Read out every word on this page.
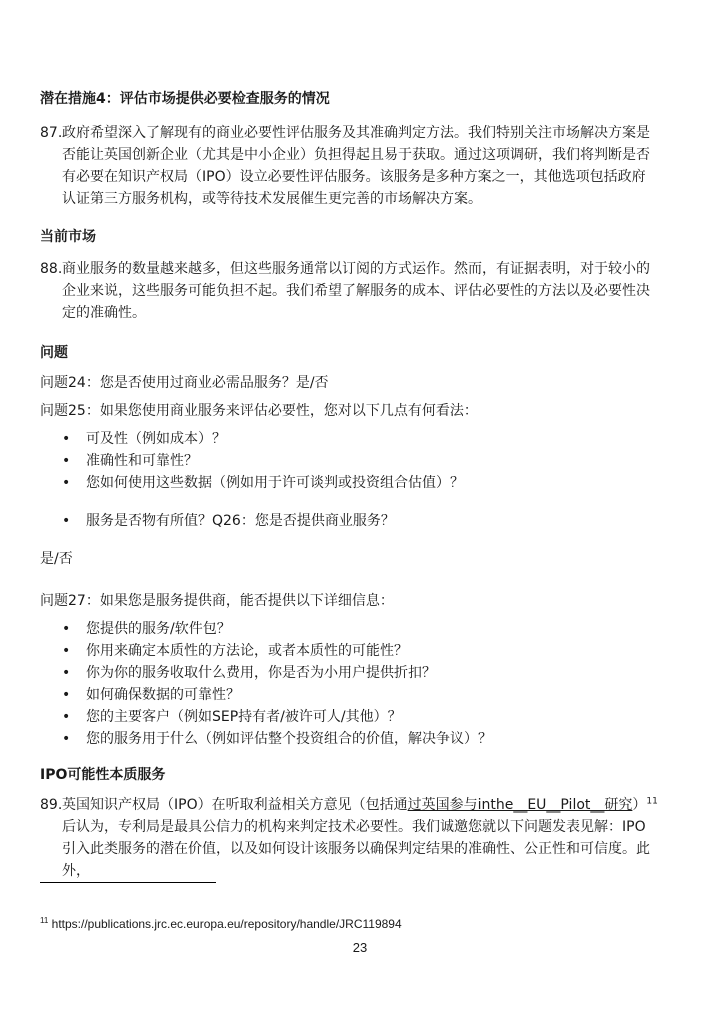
潜在措施4：评估市场提供必要检查服务的情况
87.政府希望深入了解现有的商业必要性评估服务及其准确判定方法。我们特别关注市场解决方案是
否能让英国创新企业（尤其是中小企业）负担得起且易于获取。通过这项调研，我们将判断是否
有必要在知识产权局（IPO）设立必要性评估服务。该服务是多种方案之一，其他选项包括政府
认证第三方服务机构，或等待技术发展催生更完善的市场解决方案。
当前市场
88.商业服务的数量越来越多，但这些服务通常以订阅的方式运作。然而，有证据表明，对于较小的
企业来说，这些服务可能负担不起。我们希望了解服务的成本、评估必要性的方法以及必要性决
定的准确性。
问题

问题24：您是否使用过商业必需品服务？是/否

问题25：如果您使用商业服务来评估必要性，您对以下几点有何看法：

• 可及性（例如成本）？
• 准确性和可靠性？
• 您如何使用这些数据（例如用于许可谈判或投资组合估值）？
• 服务是否物有所值？Q26：您是否提供商业服务？

是/否

问题27：如果您是服务提供商，能否提供以下详细信息：

• 您提供的服务/软件包？
• 你用来确定本质性的方法论，或者本质性的可能性？
• 你为你的服务收取什么费用，你是否为小用户提供折扣？
• 如何确保数据的可靠性？
• 您的主要客户（例如SEP持有者/被许可人/其他）？
• 您的服务用于什么（例如评估整个投资组合的价值，解决争议）？
IPO可能性本质服务
89.英国知识产权局（IPO）在听取利益相关方意见（包括通过英国参与inthe__EU__Pilot__研究）$^{11}$
后认为，专利局是最具公信力的机构来判定技术必要性。我们诚邀您就以下问题发表见解：IPO
引入此类服务的潜在价值，以及如何设计该服务以确保判定结果的准确性、公正性和可信度。此
外，

$^{11}$ https://publications.jrc.ec.europa.eu/repository/handle/JRC119894

23
